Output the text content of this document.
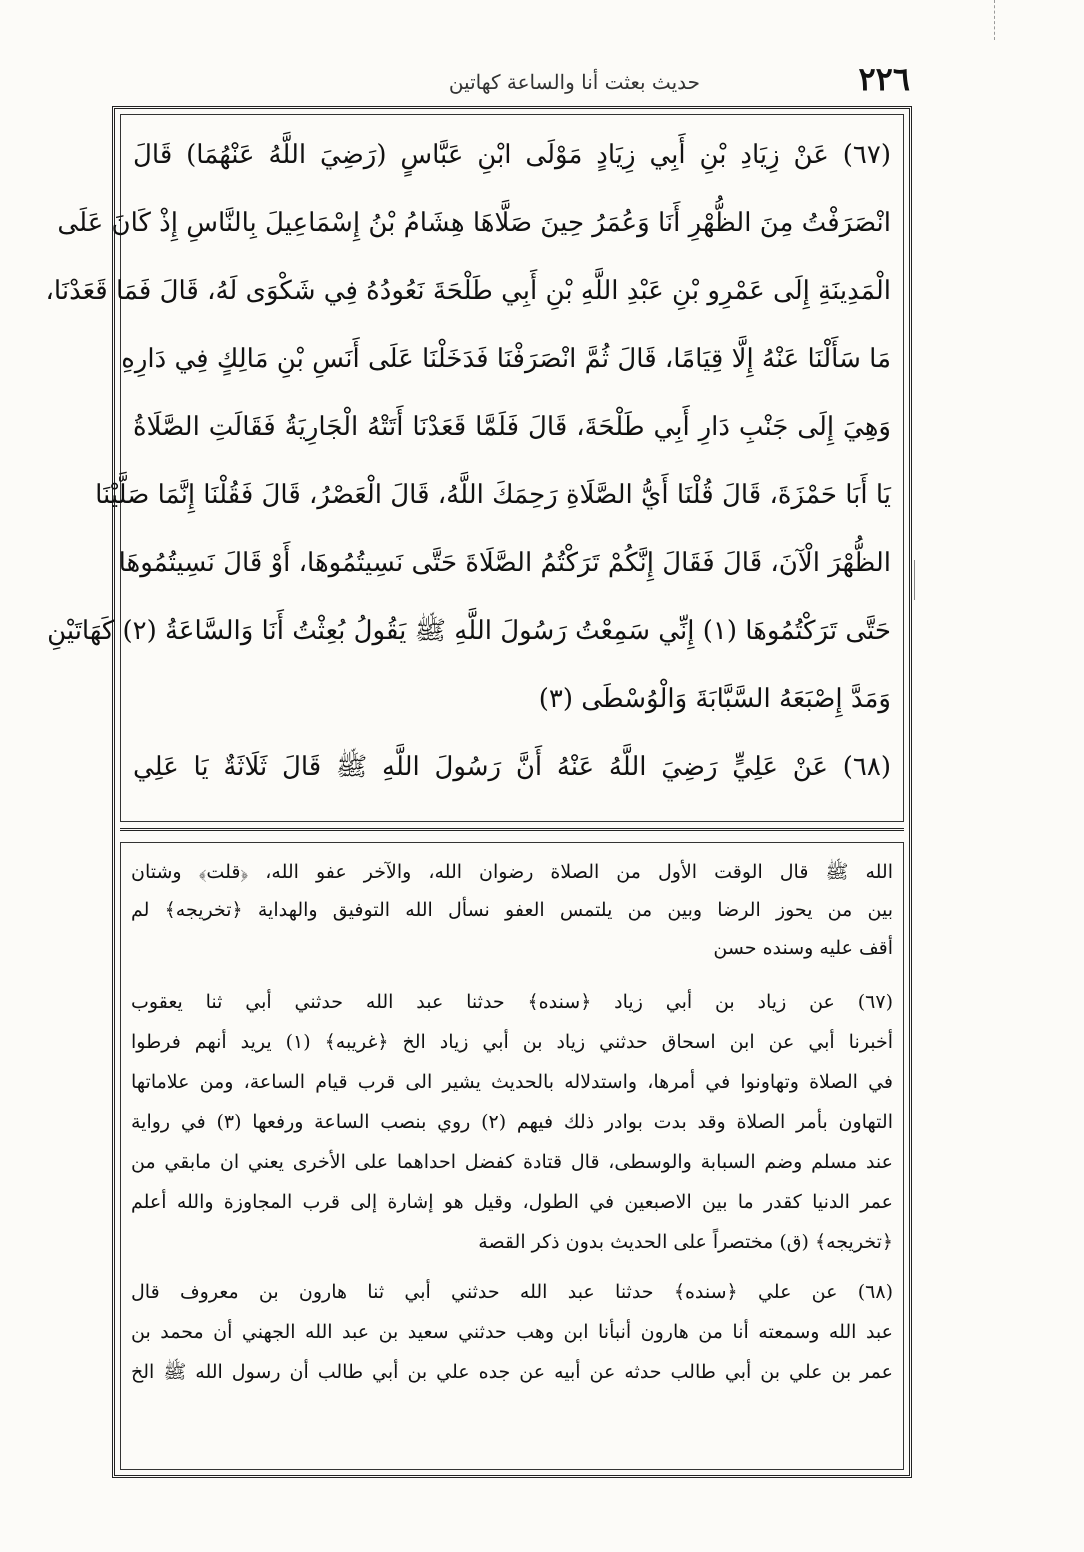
٢٢٦
حديث بعثت أنا والساعة كهاتين
(٦٧) عَنْ زِيَادِ بْنِ أَبِي زِيَادٍ مَوْلَى ابْنِ عَبَّاسٍ (رَضِيَ اللَّهُ عَنْهُمَا) قَالَ
انْصَرَفْتُ مِنَ الظُّهْرِ أَنَا وَعُمَرُ حِينَ صَلَّاهَا هِشَامُ بْنُ إِسْمَاعِيلَ بِالنَّاسِ إِذْ كَانَ عَلَى
الْمَدِينَةِ إِلَى عَمْرِو بْنِ عَبْدِ اللَّهِ بْنِ أَبِي طَلْحَةَ نَعُودُهُ فِي شَكْوَى لَهُ، قَالَ فَمَا قَعَدْنَا،
مَا سَأَلْنَا عَنْهُ إِلَّا قِيَامًا، قَالَ ثُمَّ انْصَرَفْنَا فَدَخَلْنَا عَلَى أَنَسِ بْنِ مَالِكٍ فِي دَارِهِ
وَهِيَ إِلَى جَنْبِ دَارِ أَبِي طَلْحَةَ، قَالَ فَلَمَّا قَعَدْنَا أَتَتْهُ الْجَارِيَةُ فَقَالَتِ الصَّلَاةُ
يَا أَبَا حَمْزَةَ، قَالَ قُلْنَا أَيُّ الصَّلَاةِ رَحِمَكَ اللَّهُ، قَالَ الْعَصْرُ، قَالَ فَقُلْنَا إِنَّمَا صَلَّيْنَا
الظُّهْرَ الْآنَ، قَالَ فَقَالَ إِنَّكُمْ تَرَكْتُمُ الصَّلَاةَ حَتَّى نَسِيتُمُوهَا، أَوْ قَالَ نَسِيتُمُوهَا
حَتَّى تَرَكْتُمُوهَا (١) إِنِّي سَمِعْتُ رَسُولَ اللَّهِ ﷺ يَقُولُ بُعِثْتُ أَنَا وَالسَّاعَةُ (٢) كَهَاتَيْنِ
وَمَدَّ إِصْبَعَهُ السَّبَّابَةَ وَالْوُسْطَى (٣)
(٦٨) عَنْ عَلِيٍّ رَضِيَ اللَّهُ عَنْهُ أَنَّ رَسُولَ اللَّهِ ﷺ قَالَ ثَلَاثَةٌ يَا عَلِي
الله ﷺ قال الوقت الأول من الصلاة رضوان الله، والآخر عفو الله، ﴿قلت﴾ وشتان
بين من يحوز الرضا وبين من يلتمس العفو نسأل الله التوفيق والهداية ﴿تخريجه﴾ لم
أقف عليه وسنده حسن
(٦٧) عن زياد بن أبي زياد ﴿سنده﴾ حدثنا عبد الله حدثني أبي ثنا يعقوب
أخبرنا أبي عن ابن اسحاق حدثني زياد بن أبي زياد الخ ﴿غريبه﴾ (١) يريد أنهم فرطوا
في الصلاة وتهاونوا في أمرها، واستدلاله بالحديث يشير الى قرب قيام الساعة، ومن علاماتها
التهاون بأمر الصلاة وقد بدت بوادر ذلك فيهم (٢) روي بنصب الساعة ورفعها (٣) في رواية
عند مسلم وضم السبابة والوسطى، قال قتادة كفضل احداهما على الأخرى يعني ان مابقي من
عمر الدنيا كقدر ما بين الاصبعين في الطول، وقيل هو إشارة إلى قرب المجاوزة والله أعلم
﴿تخريجه﴾ (ق) مختصراً على الحديث بدون ذكر القصة
(٦٨) عن علي ﴿سنده﴾ حدثنا عبد الله حدثني أبي ثنا هارون بن معروف قال
عبد الله وسمعته أنا من هارون أنبأنا ابن وهب حدثني سعيد بن عبد الله الجهني أن محمد بن
عمر بن علي بن أبي طالب حدثه عن أبيه عن جده علي بن أبي طالب أن رسول الله ﷺ الخ
